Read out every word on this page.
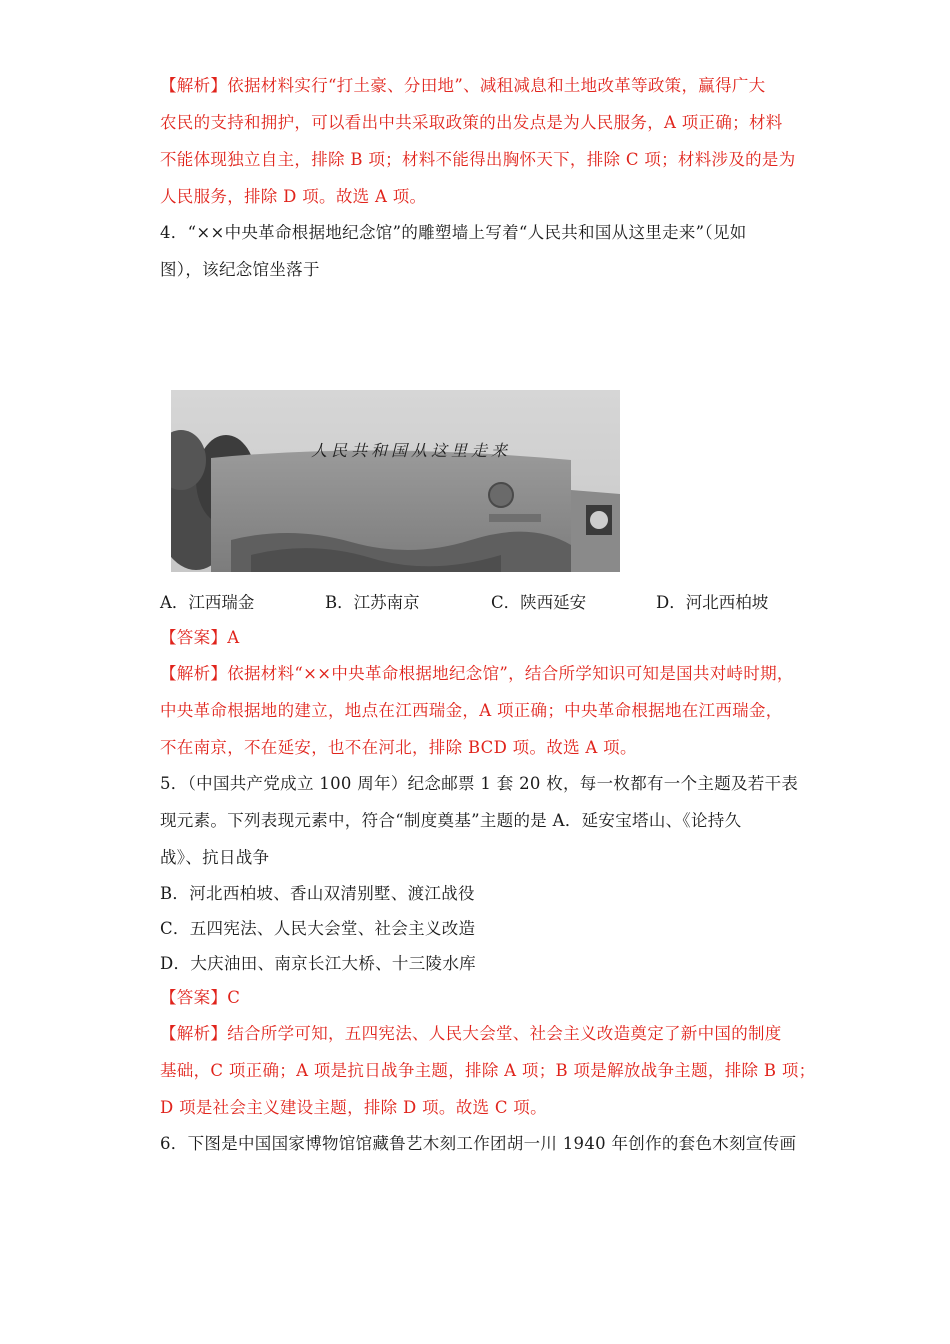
【解析】依据材料实行“打土豪、分田地”、减租减息和土地改革等政策，赢得广大
农民的支持和拥护，可以看出中共采取政策的出发点是为人民服务，A 项正确；材料
不能体现独立自主，排除 B 项；材料不能得出胸怀天下，排除 C 项；材料涉及的是为
人民服务，排除 D 项。故选 A 项。
4．“××中央革命根据地纪念馆”的雕塑墙上写着“人民共和国从这里走来”（见如
图），该纪念馆坐落于
人民共和国从这里走来
A．江西瑞金	B．江苏南京	C．陕西延安	D．河北西柏坡
【答案】A
【解析】依据材料“××中央革命根据地纪念馆”，结合所学知识可知是国共对峙时期，
中央革命根据地的建立，地点在江西瑞金，A 项正确；中央革命根据地在江西瑞金，
不在南京，不在延安，也不在河北，排除 BCD 项。故选 A 项。
5．（中国共产党成立 100 周年）纪念邮票 1 套 20 枚，每一枚都有一个主题及若干表
现元素。下列表现元素中，符合“制度奠基”主题的是 A．延安宝塔山、《论持久
战》、抗日战争
B．河北西柏坡、香山双清别墅、渡江战役
C．五四宪法、人民大会堂、社会主义改造
D．大庆油田、南京长江大桥、十三陵水库
【答案】C
【解析】结合所学可知，五四宪法、人民大会堂、社会主义改造奠定了新中国的制度
基础，C 项正确；A 项是抗日战争主题，排除 A 项；B 项是解放战争主题，排除 B 项；
D 项是社会主义建设主题，排除 D 项。故选 C 项。
6．下图是中国国家博物馆馆藏鲁艺木刻工作团胡一川 1940 年创作的套色木刻宣传画
